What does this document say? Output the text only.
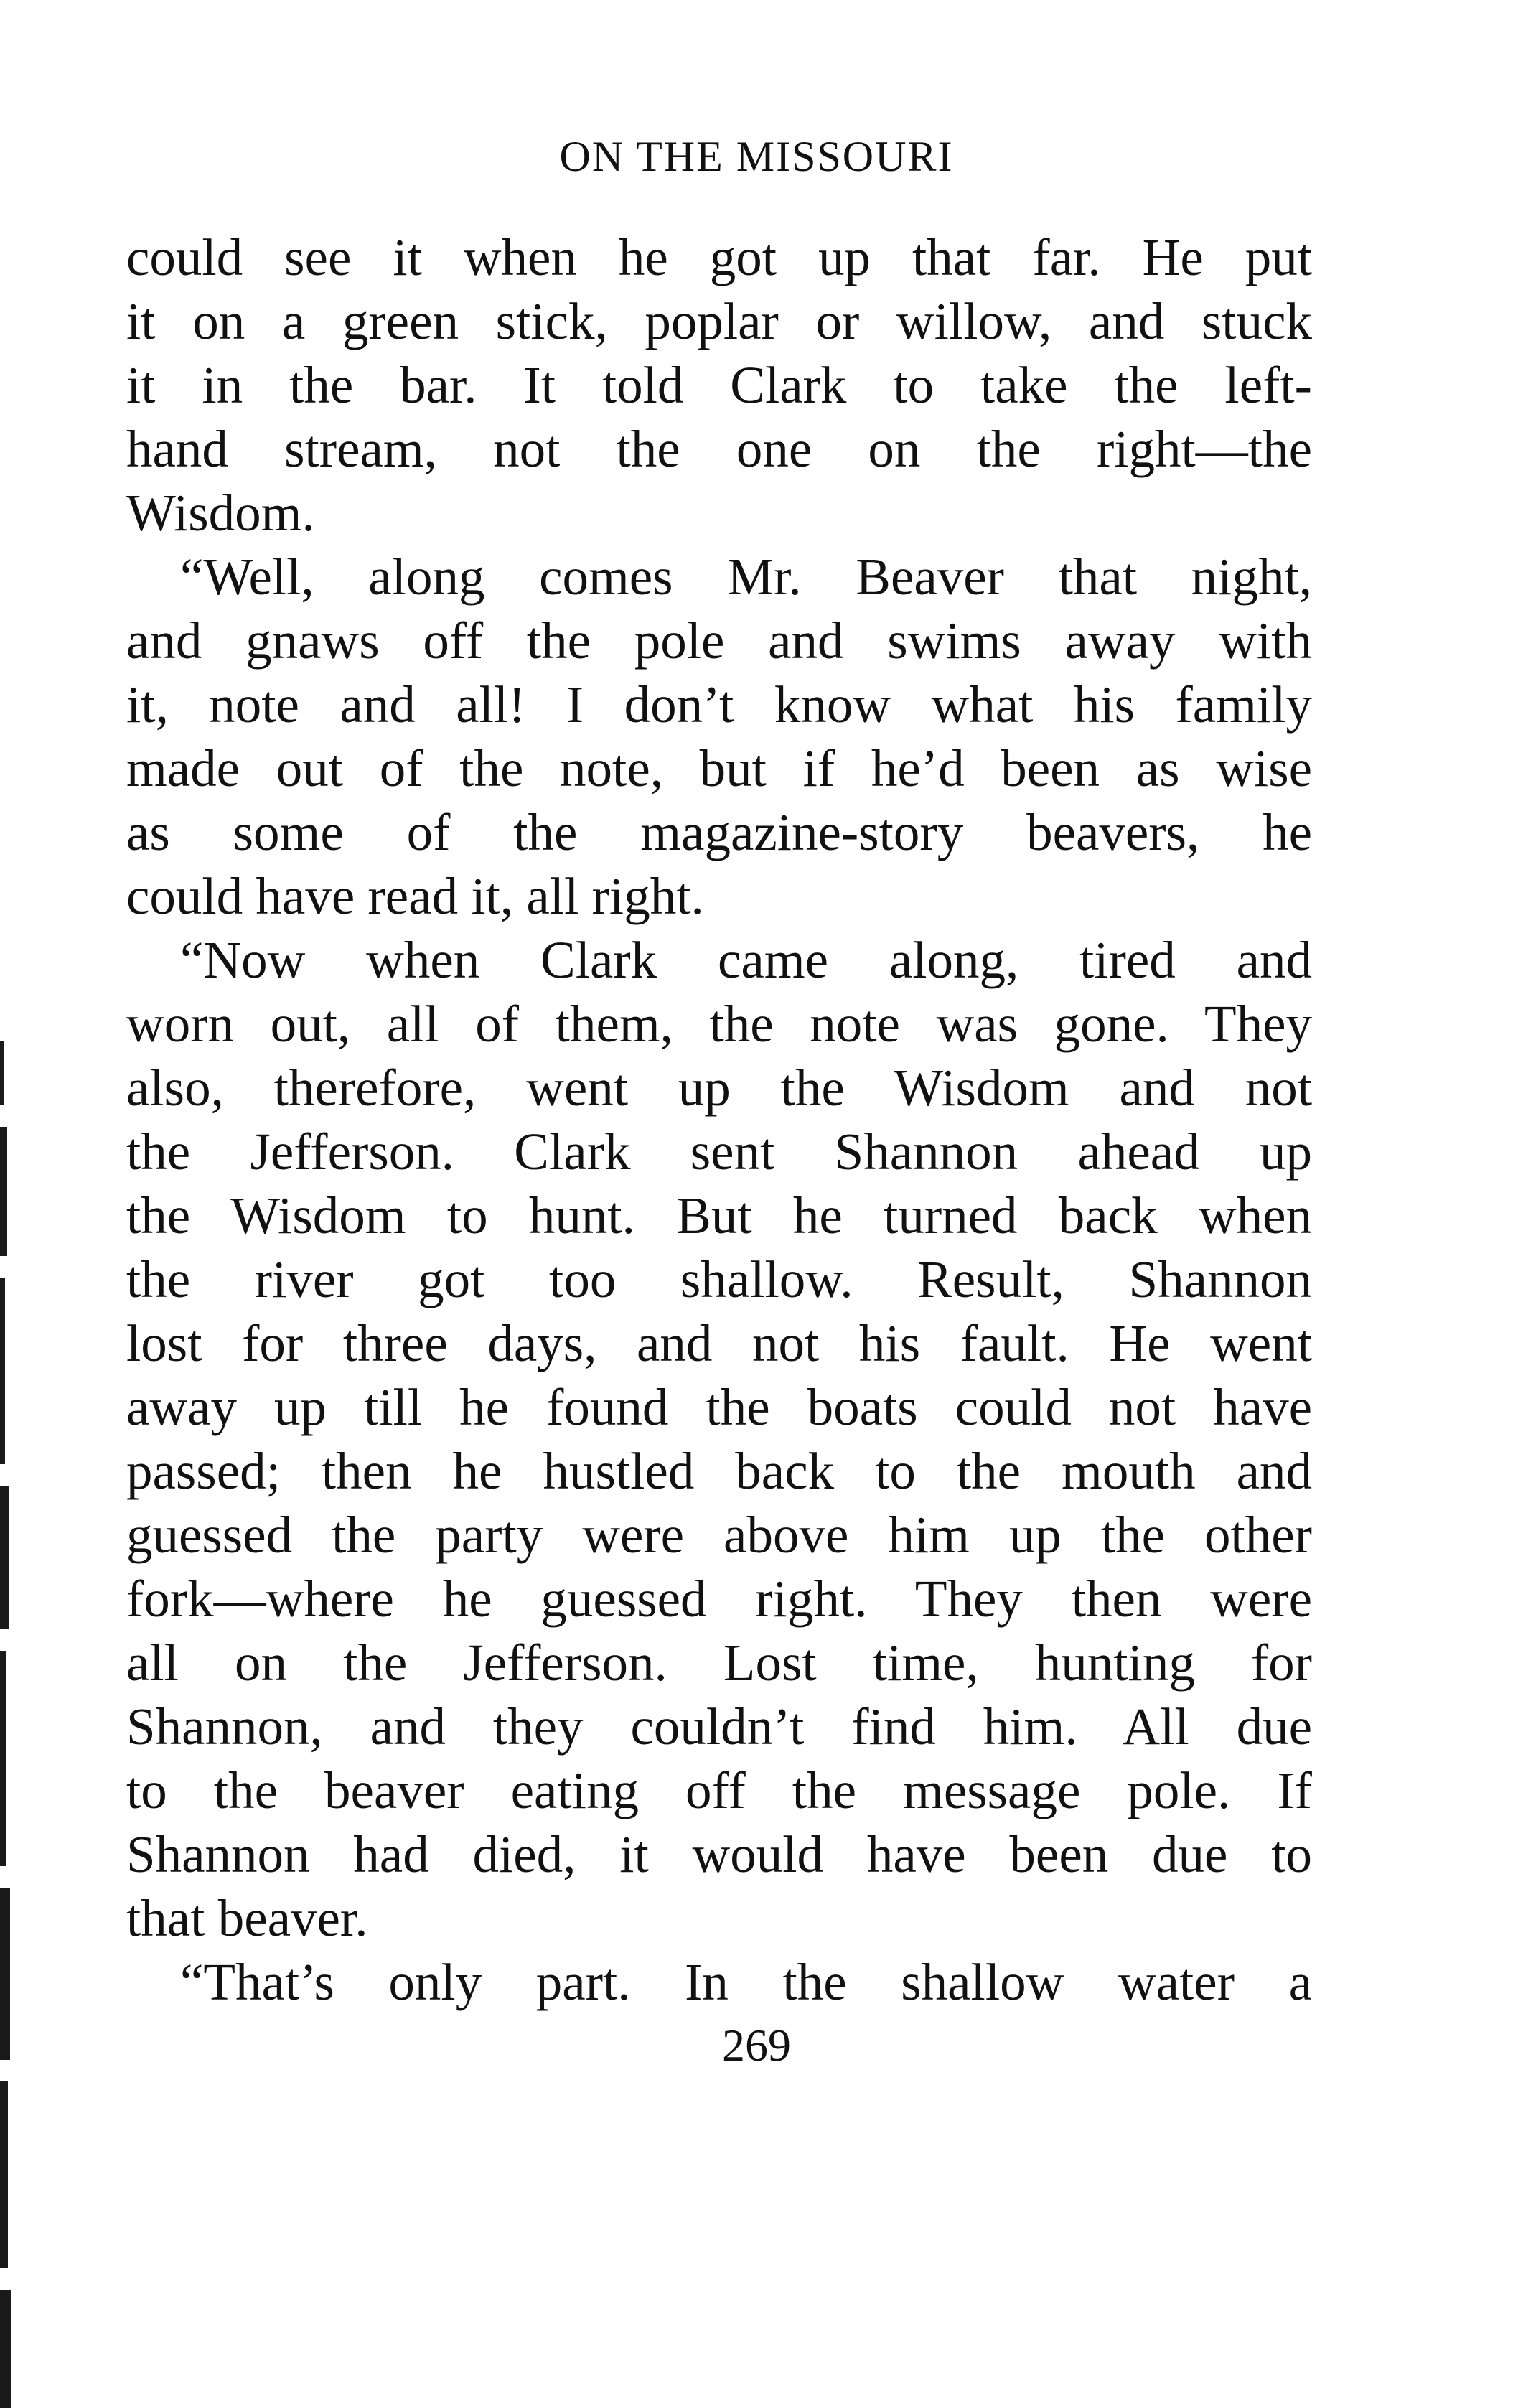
ON THE MISSOURI
could see it when he got up that far. He put
it on a green stick, poplar or willow, and stuck
it in the bar. It told Clark to take the left-
hand stream, not the one on the right—the
Wisdom.
“Well, along comes Mr. Beaver that night,
and gnaws off the pole and swims away with
it, note and all! I don’t know what his family
made out of the note, but if he’d been as wise
as some of the magazine-story beavers, he
could have read it, all right.
“Now when Clark came along, tired and
worn out, all of them, the note was gone. They
also, therefore, went up the Wisdom and not
the Jefferson. Clark sent Shannon ahead up
the Wisdom to hunt. But he turned back when
the river got too shallow. Result, Shannon
lost for three days, and not his fault. He went
away up till he found the boats could not have
passed; then he hustled back to the mouth and
guessed the party were above him up the other
fork—where he guessed right. They then were
all on the Jefferson. Lost time, hunting for
Shannon, and they couldn’t find him. All due
to the beaver eating off the message pole. If
Shannon had died, it would have been due to
that beaver.
“That’s only part. In the shallow water a
269
